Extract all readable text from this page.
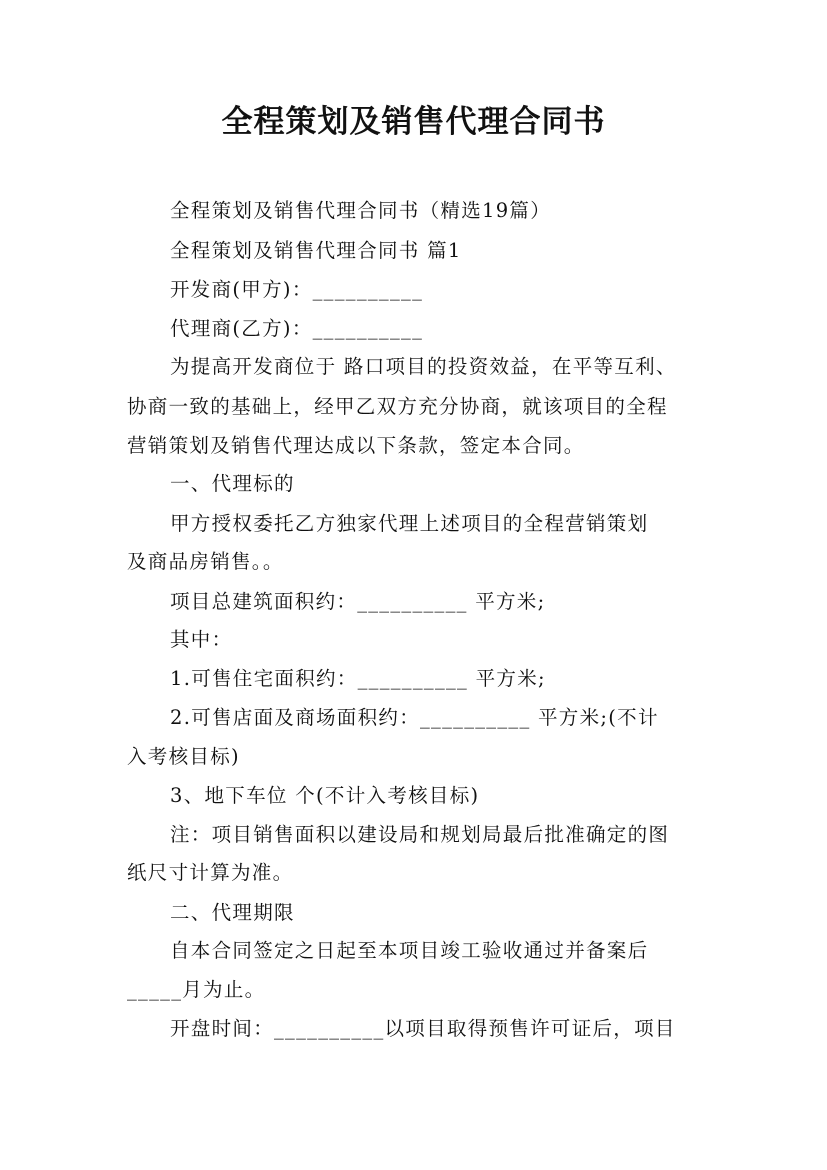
全程策划及销售代理合同书
全程策划及销售代理合同书（精选19篇）
全程策划及销售代理合同书 篇1
开发商(甲方)：__________
代理商(乙方)：__________
为提高开发商位于 路口项目的投资效益，在平等互利、
协商一致的基础上，经甲乙双方充分协商，就该项目的全程
营销策划及销售代理达成以下条款，签定本合同。
一、代理标的
甲方授权委托乙方独家代理上述项目的全程营销策划
及商品房销售。。
项目总建筑面积约：__________ 平方米;
其中：
1.可售住宅面积约：__________ 平方米;
2.可售店面及商场面积约：__________ 平方米;(不计
入考核目标)
3、地下车位 个(不计入考核目标)
注：项目销售面积以建设局和规划局最后批准确定的图
纸尺寸计算为准。
二、代理期限
自本合同签定之日起至本项目竣工验收通过并备案后
_____月为止。
开盘时间：__________以项目取得预售许可证后，项目
